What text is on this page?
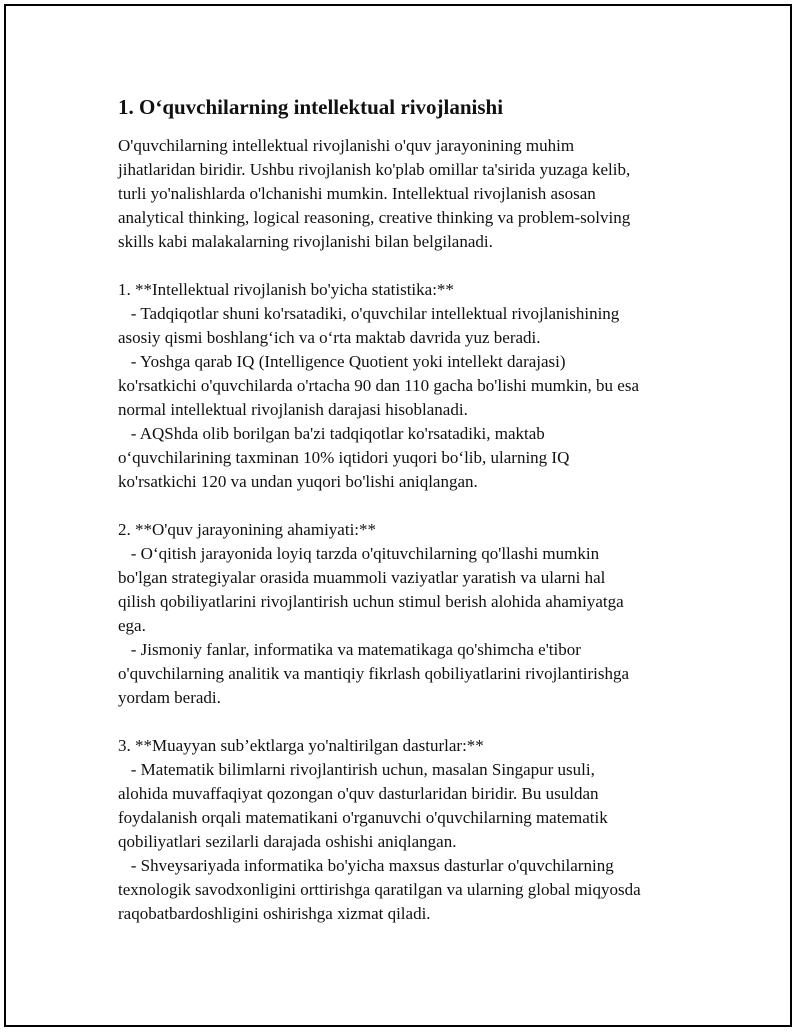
1. O‘quvchilarning intellektual rivojlanishi

O'quvchilarning intellektual rivojlanishi o'quv jarayonining muhim
jihatlaridan biridir. Ushbu rivojlanish ko'plab omillar ta'sirida yuzaga kelib,
turli yo'nalishlarda o'lchanishi mumkin. Intellektual rivojlanish asosan
analytical thinking, logical reasoning, creative thinking va problem-solving
skills kabi malakalarning rivojlanishi bilan belgilanadi.

1. **Intellektual rivojlanish bo'yicha statistika:**

- Tadqiqotlar shuni ko'rsatadiki, o'quvchilar intellektual rivojlanishining
asosiy qismi boshlang‘ich va o‘rta maktab davrida yuz beradi.

- Yoshga qarab IQ (Intelligence Quotient yoki intellekt darajasi)
ko'rsatkichi o'quvchilarda o'rtacha 90 dan 110 gacha bo'lishi mumkin, bu esa
normal intellektual rivojlanish darajasi hisoblanadi.

- AQShda olib borilgan ba'zi tadqiqotlar ko'rsatadiki, maktab
o‘quvchilarining taxminan 10% iqtidori yuqori bo‘lib, ularning IQ
ko'rsatkichi 120 va undan yuqori bo'lishi aniqlangan.

2. **O'quv jarayonining ahamiyati:**

- O‘qitish jarayonida loyiq tarzda o'qituvchilarning qo'llashi mumkin
bo'lgan strategiyalar orasida muammoli vaziyatlar yaratish va ularni hal
qilish qobiliyatlarini rivojlantirish uchun stimul berish alohida ahamiyatga
ega.

- Jismoniy fanlar, informatika va matematikaga qo'shimcha e'tibor
o'quvchilarning analitik va mantiqiy fikrlash qobiliyatlarini rivojlantirishga
yordam beradi.

3. **Muayyan sub’ektlarga yo'naltirilgan dasturlar:**

- Matematik bilimlarni rivojlantirish uchun, masalan Singapur usuli,
alohida muvaffaqiyat qozongan o'quv dasturlaridan biridir. Bu usuldan
foydalanish orqali matematikani o'rganuvchi o'quvchilarning matematik
qobiliyatlari sezilarli darajada oshishi aniqlangan.

- Shveysariyada informatika bo'yicha maxsus dasturlar o'quvchilarning
texnologik savodxonligini orttirishga qaratilgan va ularning global miqyosda
raqobatbardoshligini oshirishga xizmat qiladi.
